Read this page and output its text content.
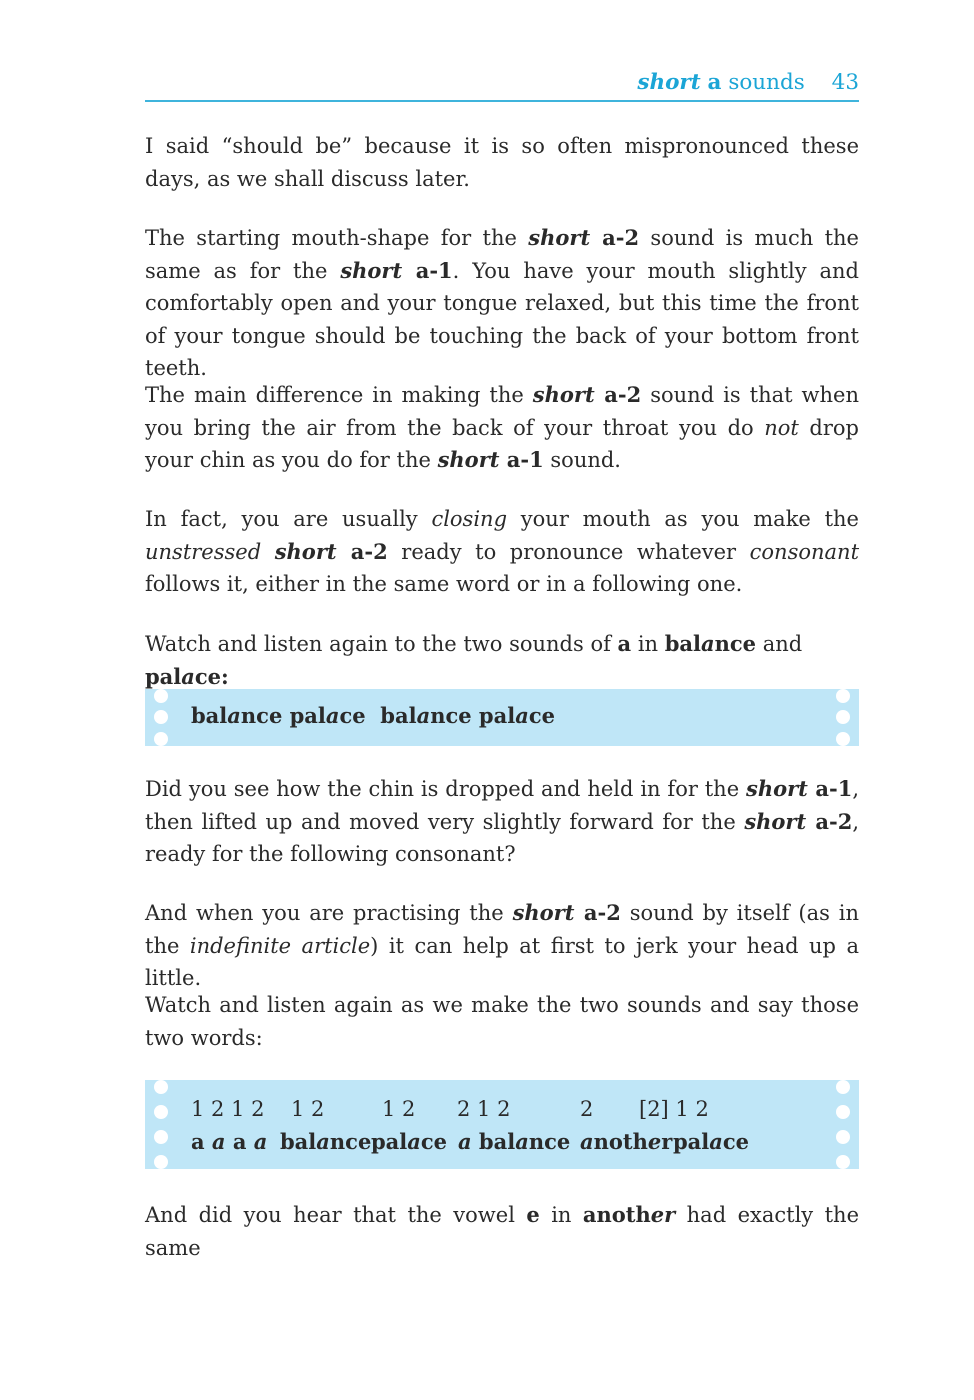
short a sounds 43

I said “should be” because it is so often mispronounced these days, as we shall discuss later.

The starting mouth-shape for the short a-2 sound is much the same as for the short a-1. You have your mouth slightly and comfortably open and your tongue relaxed, but this time the front of your tongue should be touching the back of your bottom front teeth.

The main difference in making the short a-2 sound is that when you bring the air from the back of your throat you do not drop your chin as you do for the short a-1 sound.

In fact, you are usually closing your mouth as you make the unstressed short a-2 ready to pronounce whatever consonant follows it, either in the same word or in a following one.

Watch and listen again to the two sounds of a in balance and palace:

balance palace balance palace

Did you see how the chin is dropped and held in for the short a-1, then lifted up and moved very slightly forward for the short a-2, ready for the following consonant?

And when you are practising the short a-2 sound by itself (as in the indefinite article) it can help at first to jerk your head up a little.

Watch and listen again as we make the two sounds and say those two words:

1 2 1 2 1 2	1 2 2 1 2	2 [2] 1 2
a a a a balance palace a balance another palace

And did you hear that the vowel e in another had exactly the same
